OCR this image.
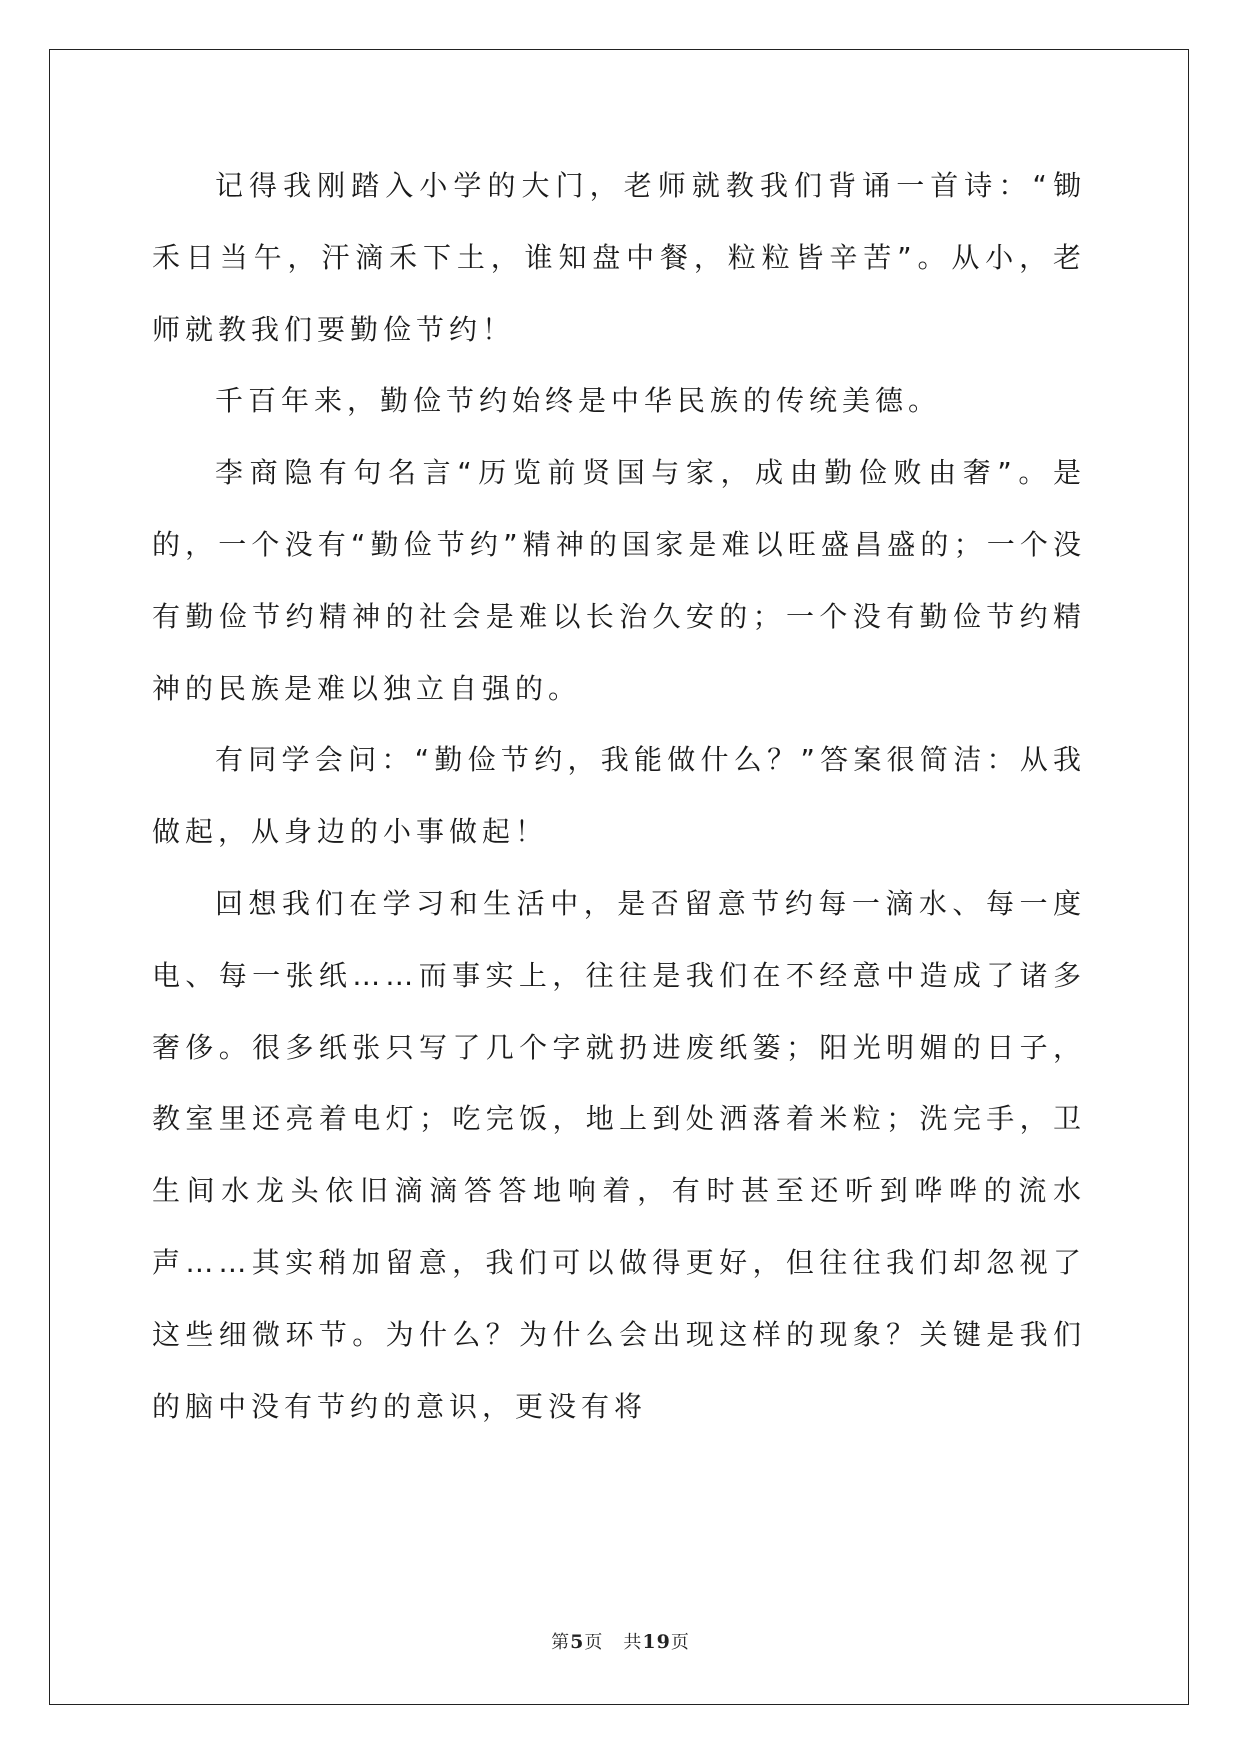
记得我刚踏入小学的大门，老师就教我们背诵一首诗：“锄禾日当午，汗滴禾下土，谁知盘中餐，粒粒皆辛苦”。从小，老师就教我们要勤俭节约！

千百年来，勤俭节约始终是中华民族的传统美德。

李商隐有句名言“历览前贤国与家，成由勤俭败由奢”。是的，一个没有“勤俭节约”精神的国家是难以旺盛昌盛的；一个没有勤俭节约精神的社会是难以长治久安的；一个没有勤俭节约精神的民族是难以独立自强的。

有同学会问：“勤俭节约，我能做什么？”答案很简洁：从我做起，从身边的小事做起！

回想我们在学习和生活中，是否留意节约每一滴水、每一度电、每一张纸……而事实上，往往是我们在不经意中造成了诸多奢侈。很多纸张只写了几个字就扔进废纸篓；阳光明媚的日子，教室里还亮着电灯；吃完饭，地上到处洒落着米粒；洗完手，卫生间水龙头依旧滴滴答答地响着，有时甚至还听到哗哗的流水声……其实稍加留意，我们可以做得更好，但往往我们却忽视了这些细微环节。为什么？为什么会出现这样的现象？关键是我们的脑中没有节约的意识，更没有将

第5页 共19页
